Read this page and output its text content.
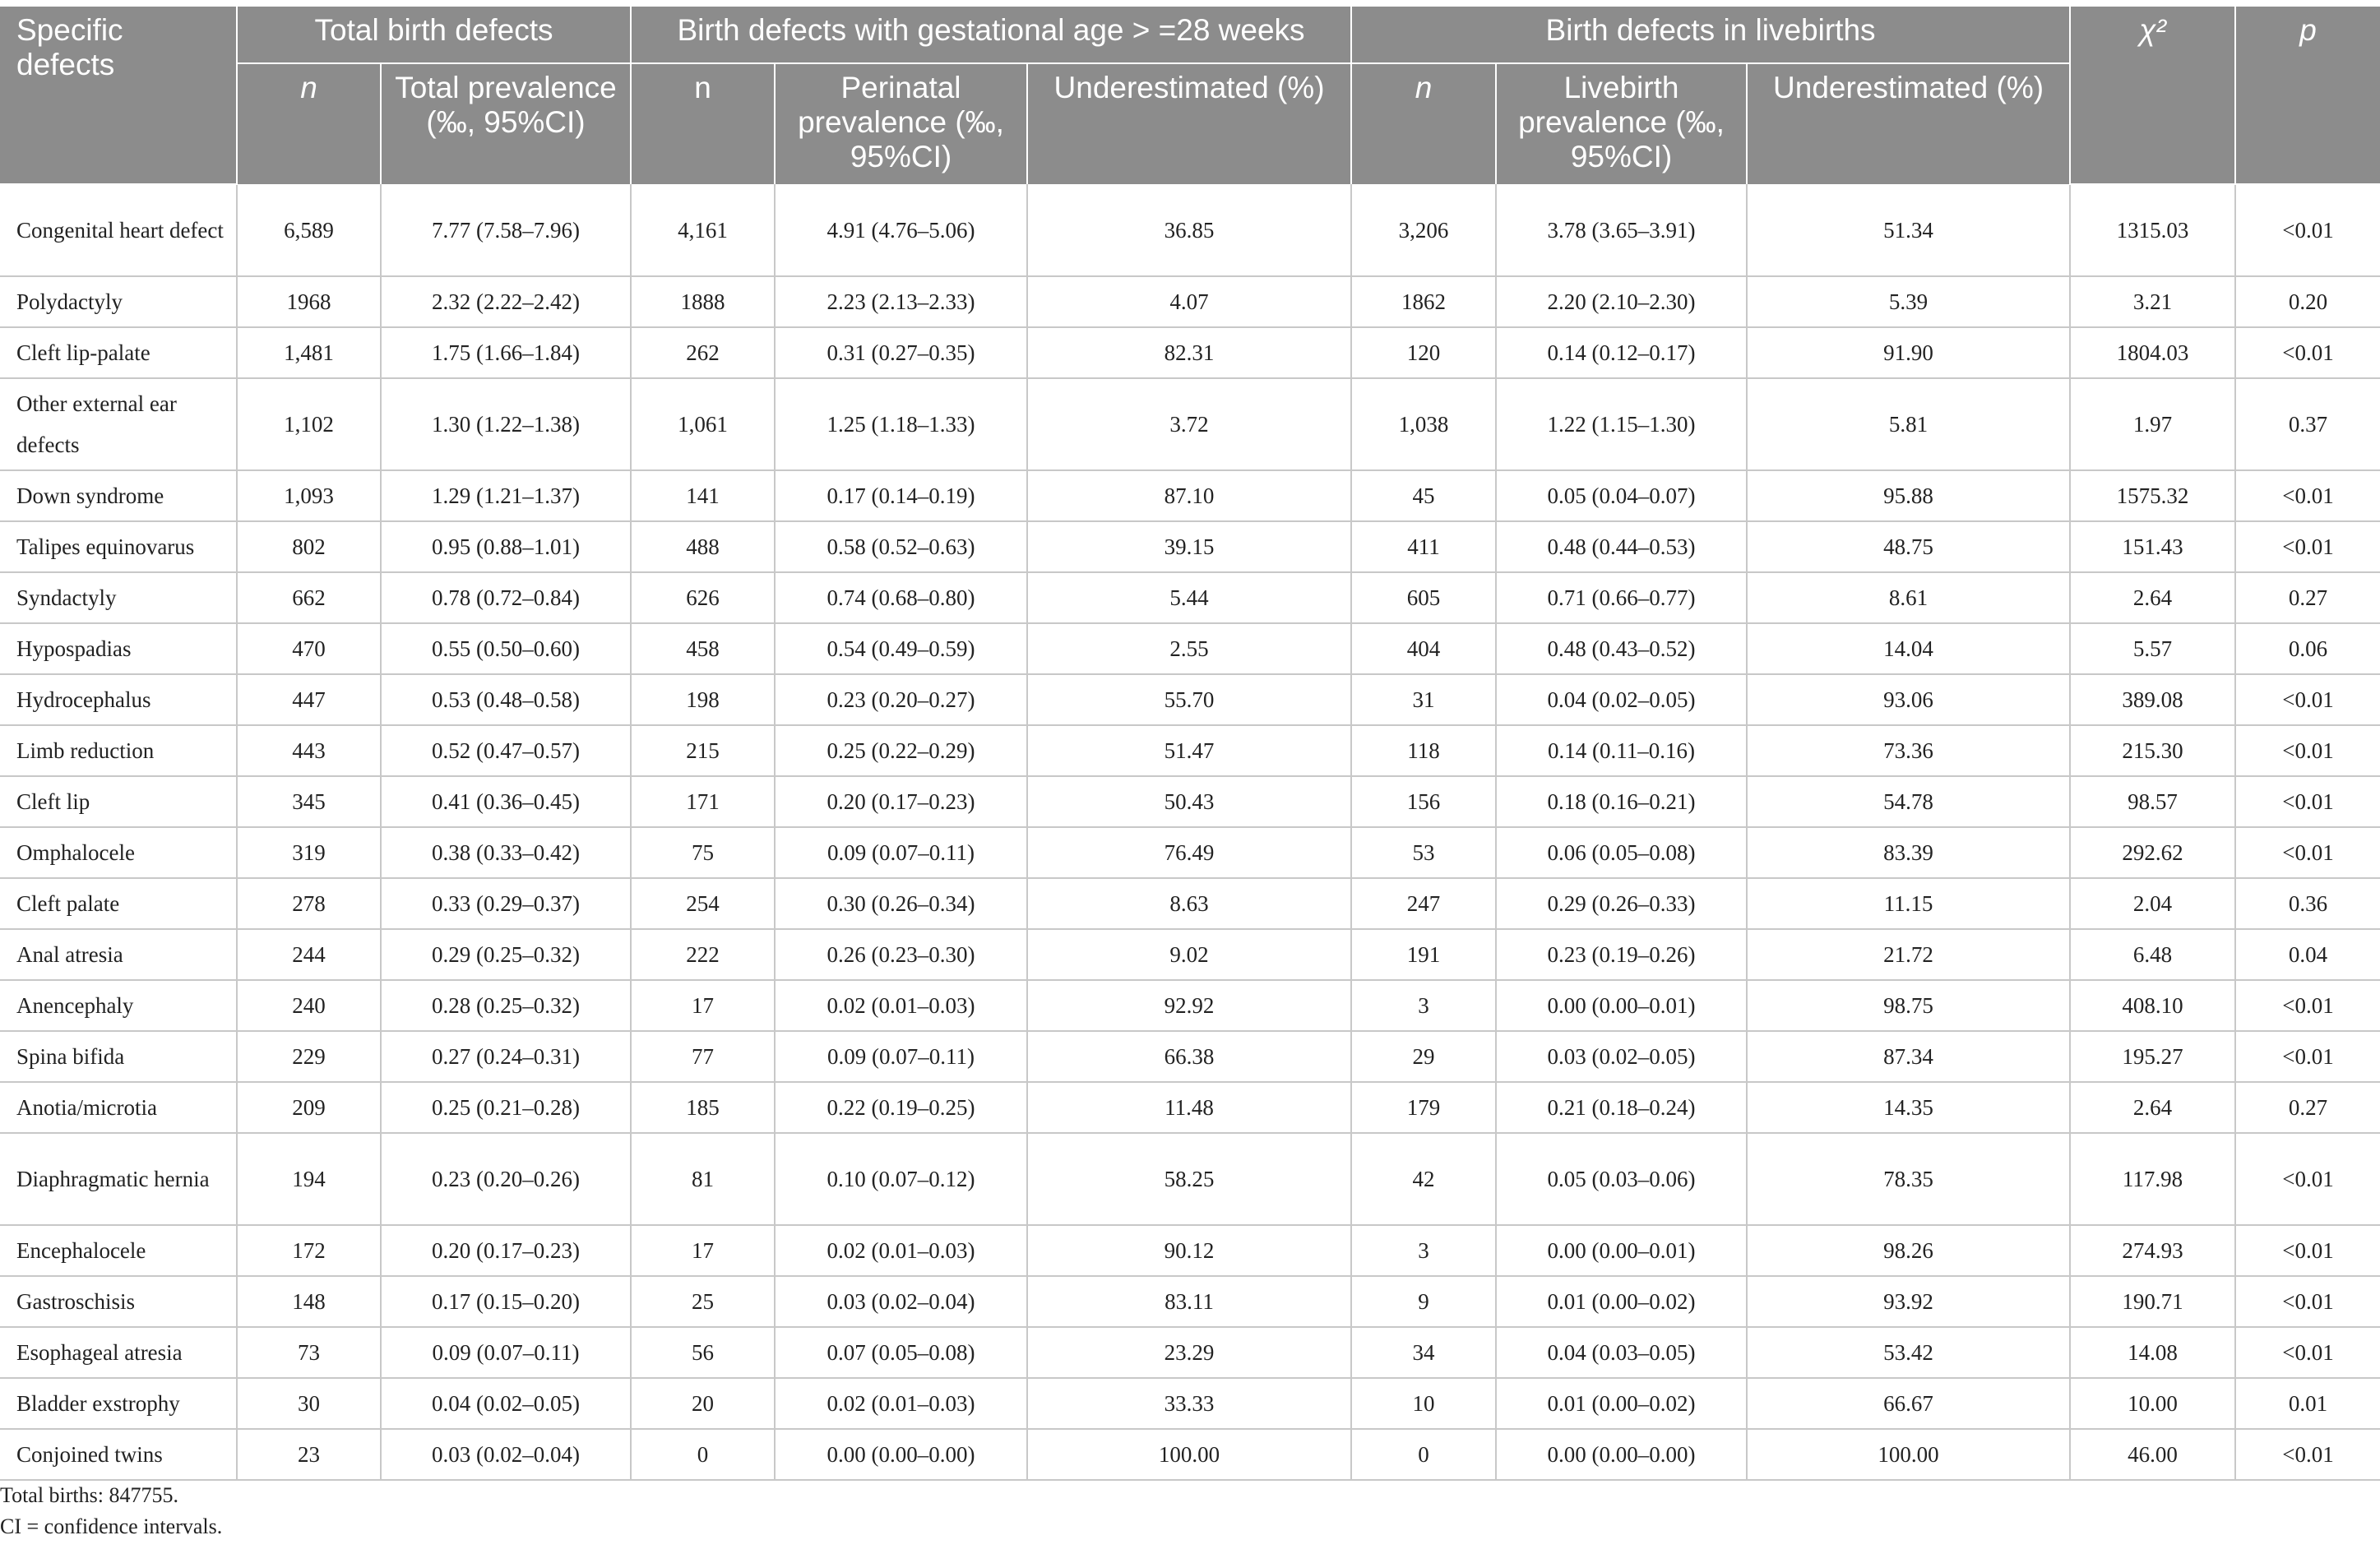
Specific defects	Total birth defects		Birth defects with gestational age > =28 weeks			Birth defects in livebirths			χ²	p
	n	Total prevalence (‰, 95%CI)	n	Perinatal prevalence (‰, 95%CI)	Underestimated (%)	n	Livebirth prevalence (‰, 95%CI)	Underestimated (%)		
Congenital heart defect	6,589	7.77 (7.58–7.96)	4,161	4.91 (4.76–5.06)	36.85	3,206	3.78 (3.65–3.91)	51.34	1315.03	<0.01
Polydactyly	1968	2.32 (2.22–2.42)	1888	2.23 (2.13–2.33)	4.07	1862	2.20 (2.10–2.30)	5.39	3.21	0.20
Cleft lip-palate	1,481	1.75 (1.66–1.84)	262	0.31 (0.27–0.35)	82.31	120	0.14 (0.12–0.17)	91.90	1804.03	<0.01
Other external ear defects	1,102	1.30 (1.22–1.38)	1,061	1.25 (1.18–1.33)	3.72	1,038	1.22 (1.15–1.30)	5.81	1.97	0.37
Down syndrome	1,093	1.29 (1.21–1.37)	141	0.17 (0.14–0.19)	87.10	45	0.05 (0.04–0.07)	95.88	1575.32	<0.01
Talipes equinovarus	802	0.95 (0.88–1.01)	488	0.58 (0.52–0.63)	39.15	411	0.48 (0.44–0.53)	48.75	151.43	<0.01
Syndactyly	662	0.78 (0.72–0.84)	626	0.74 (0.68–0.80)	5.44	605	0.71 (0.66–0.77)	8.61	2.64	0.27
Hypospadias	470	0.55 (0.50–0.60)	458	0.54 (0.49–0.59)	2.55	404	0.48 (0.43–0.52)	14.04	5.57	0.06
Hydrocephalus	447	0.53 (0.48–0.58)	198	0.23 (0.20–0.27)	55.70	31	0.04 (0.02–0.05)	93.06	389.08	<0.01
Limb reduction	443	0.52 (0.47–0.57)	215	0.25 (0.22–0.29)	51.47	118	0.14 (0.11–0.16)	73.36	215.30	<0.01
Cleft lip	345	0.41 (0.36–0.45)	171	0.20 (0.17–0.23)	50.43	156	0.18 (0.16–0.21)	54.78	98.57	<0.01
Omphalocele	319	0.38 (0.33–0.42)	75	0.09 (0.07–0.11)	76.49	53	0.06 (0.05–0.08)	83.39	292.62	<0.01
Cleft palate	278	0.33 (0.29–0.37)	254	0.30 (0.26–0.34)	8.63	247	0.29 (0.26–0.33)	11.15	2.04	0.36
Anal atresia	244	0.29 (0.25–0.32)	222	0.26 (0.23–0.30)	9.02	191	0.23 (0.19–0.26)	21.72	6.48	0.04
Anencephaly	240	0.28 (0.25–0.32)	17	0.02 (0.01–0.03)	92.92	3	0.00 (0.00–0.01)	98.75	408.10	<0.01
Spina bifida	229	0.27 (0.24–0.31)	77	0.09 (0.07–0.11)	66.38	29	0.03 (0.02–0.05)	87.34	195.27	<0.01
Anotia/microtia	209	0.25 (0.21–0.28)	185	0.22 (0.19–0.25)	11.48	179	0.21 (0.18–0.24)	14.35	2.64	0.27
Diaphragmatic hernia	194	0.23 (0.20–0.26)	81	0.10 (0.07–0.12)	58.25	42	0.05 (0.03–0.06)	78.35	117.98	<0.01
Encephalocele	172	0.20 (0.17–0.23)	17	0.02 (0.01–0.03)	90.12	3	0.00 (0.00–0.01)	98.26	274.93	<0.01
Gastroschisis	148	0.17 (0.15–0.20)	25	0.03 (0.02–0.04)	83.11	9	0.01 (0.00–0.02)	93.92	190.71	<0.01
Esophageal atresia	73	0.09 (0.07–0.11)	56	0.07 (0.05–0.08)	23.29	34	0.04 (0.03–0.05)	53.42	14.08	<0.01
Bladder exstrophy	30	0.04 (0.02–0.05)	20	0.02 (0.01–0.03)	33.33	10	0.01 (0.00–0.02)	66.67	10.00	0.01
Conjoined twins	23	0.03 (0.02–0.04)	0	0.00 (0.00–0.00)	100.00	0	0.00 (0.00–0.00)	100.00	46.00	<0.01
Total births: 847755.
CI = confidence intervals.
